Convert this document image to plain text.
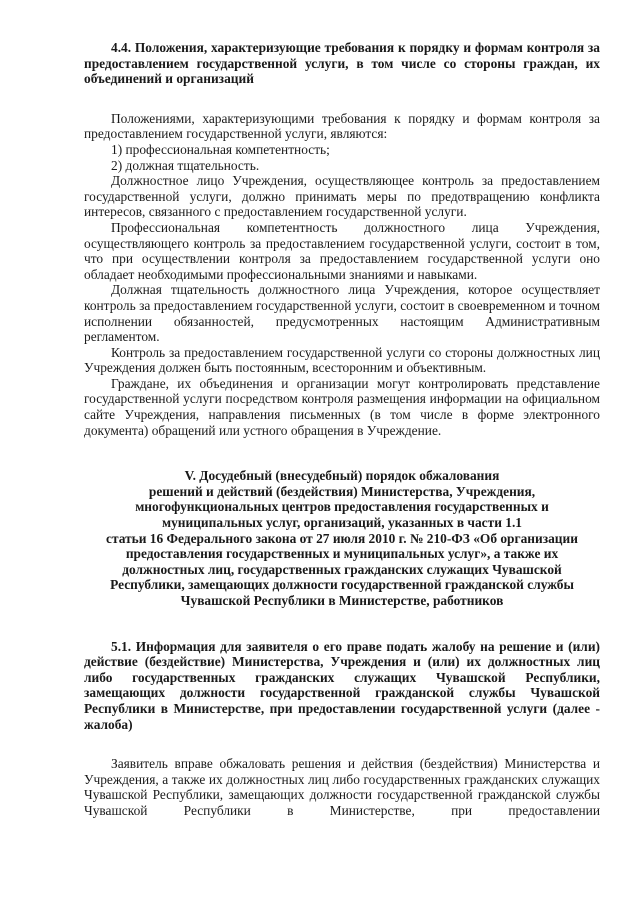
4.4. Положения, характеризующие требования к порядку и формам контроля за предоставлением государственной услуги, в том числе со стороны граждан, их объединений и организаций

Положениями, характеризующими требования к порядку и формам контроля за предоставлением государственной услуги, являются:

1) профессиональная компетентность;

2) должная тщательность.

Должностное лицо Учреждения, осуществляющее контроль за предоставлением государственной услуги, должно принимать меры по предотвращению конфликта интересов, связанного с предоставлением государственной услуги.

Профессиональная компетентность должностного лица Учреждения, осуществляющего контроль за предоставлением государственной услуги, состоит в том, что при осуществлении контроля за предоставлением государственной услуги оно обладает необходимыми профессиональными знаниями и навыками.

Должная тщательность должностного лица Учреждения, которое осуществляет контроль за предоставлением государственной услуги, состоит в своевременном и точном исполнении обязанностей, предусмотренных настоящим Административным регламентом.

Контроль за предоставлением государственной услуги со стороны должностных лиц Учреждения должен быть постоянным, всесторонним и объективным.

Граждане, их объединения и организации могут контролировать представление государственной услуги посредством контроля размещения информации на официальном сайте Учреждения, направления письменных (в том числе в форме электронного документа) обращений или устного обращения в Учреждение.

V. Досудебный (внесудебный) порядок обжалования

решений и действий (бездействия) Министерства, Учреждения,

многофункциональных центров предоставления государственных и

муниципальных услуг, организаций, указанных в части 1.1

статьи 16 Федерального закона от 27 июля 2010 г. № 210-ФЗ «Об организации

предоставления государственных и муниципальных услуг», а также их

должностных лиц, государственных гражданских служащих Чувашской

Республики, замещающих должности государственной гражданской службы

Чувашской Республики в Министерстве, работников

5.1. Информация для заявителя о его праве подать жалобу на решение и (или) действие (бездействие) Министерства, Учреждения и (или) их должностных лиц либо государственных гражданских служащих Чувашской Республики, замещающих должности государственной гражданской службы Чувашской Республики в Министерстве, при предоставлении государственной услуги (далее - жалоба)

Заявитель вправе обжаловать решения и действия (бездействия) Министерства и Учреждения, а также их должностных лиц либо государственных гражданских служащих Чувашской Республики, замещающих должности государственной гражданской службы Чувашской Республики в Министерстве, при предоставлении
